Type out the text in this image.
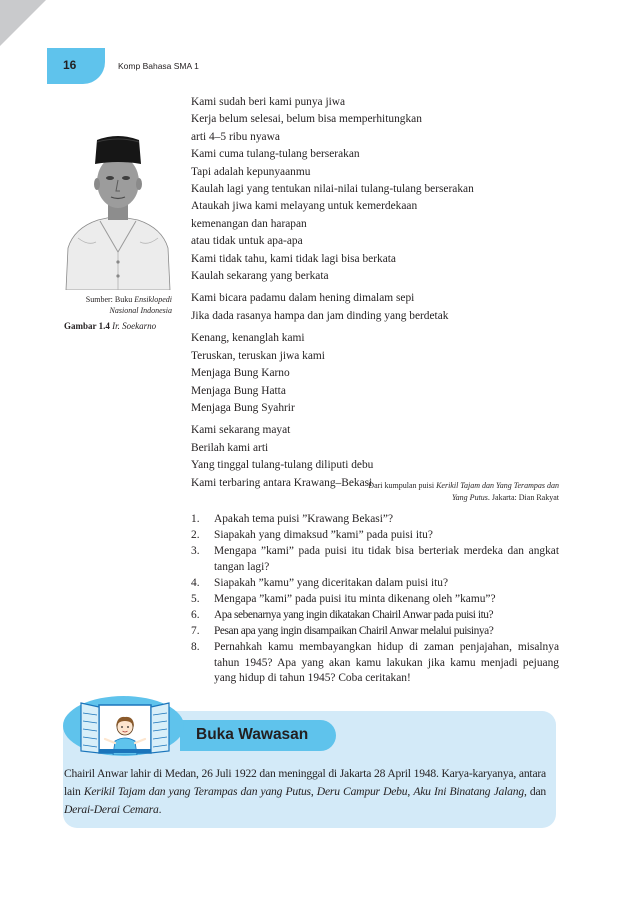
16	Komp Bahasa SMA 1
Sumber: Buku Ensiklopedi
Nasional Indonesia
Gambar 1.4 Ir. Soekarno
Kami sudah beri kami punya jiwa
Kerja belum selesai, belum bisa memperhitungkan
arti 4–5 ribu nyawa
Kami cuma tulang-tulang berserakan
Tapi adalah kepunyaanmu
Kaulah lagi yang tentukan nilai-nilai tulang-tulang berserakan
Ataukah jiwa kami melayang untuk kemerdekaan
kemenangan dan harapan
atau tidak untuk apa-apa
Kami tidak tahu, kami tidak lagi bisa berkata
Kaulah sekarang yang berkata
Kami bicara padamu dalam hening dimalam sepi
Jika dada rasanya hampa dan jam dinding yang berdetak
Kenang, kenanglah kami
Teruskan, teruskan jiwa kami
Menjaga Bung Karno
Menjaga Bung Hatta
Menjaga Bung Syahrir
Kami sekarang mayat
Berilah kami arti
Yang tinggal tulang-tulang diliputi debu
Kami terbaring antara Krawang–Bekasi
Dari kumpulan puisi Kerikil Tajam dan Yang Terampas dan
Yang Putus. Jakarta: Dian Rakyat
1. Apakah tema puisi ”Krawang Bekasi”?
2. Siapakah yang dimaksud ”kami” pada puisi itu?
3. Mengapa ”kami” pada puisi itu tidak bisa berteriak merdeka dan angkat tangan lagi?
4. Siapakah ”kamu” yang diceritakan dalam puisi itu?
5. Mengapa ”kami” pada puisi itu minta dikenang oleh ”kamu”?
6. Apa sebenarnya yang ingin dikatakan Chairil Anwar pada puisi itu?
7. Pesan apa yang ingin disampaikan Chairil Anwar melalui puisinya?
8. Pernahkah kamu membayangkan hidup di zaman penjajahan, misalnya tahun 1945? Apa yang akan kamu lakukan jika kamu menjadi pejuang yang hidup di tahun 1945? Coba ceritakan!
Buka Wawasan
Chairil Anwar lahir di Medan, 26 Juli 1922 dan meninggal di Jakarta 28 April 1948. Karya-karyanya, antara lain Kerikil Tajam dan yang Terampas dan yang Putus, Deru Campur Debu, Aku Ini Binatang Jalang, dan Derai-Derai Cemara.
